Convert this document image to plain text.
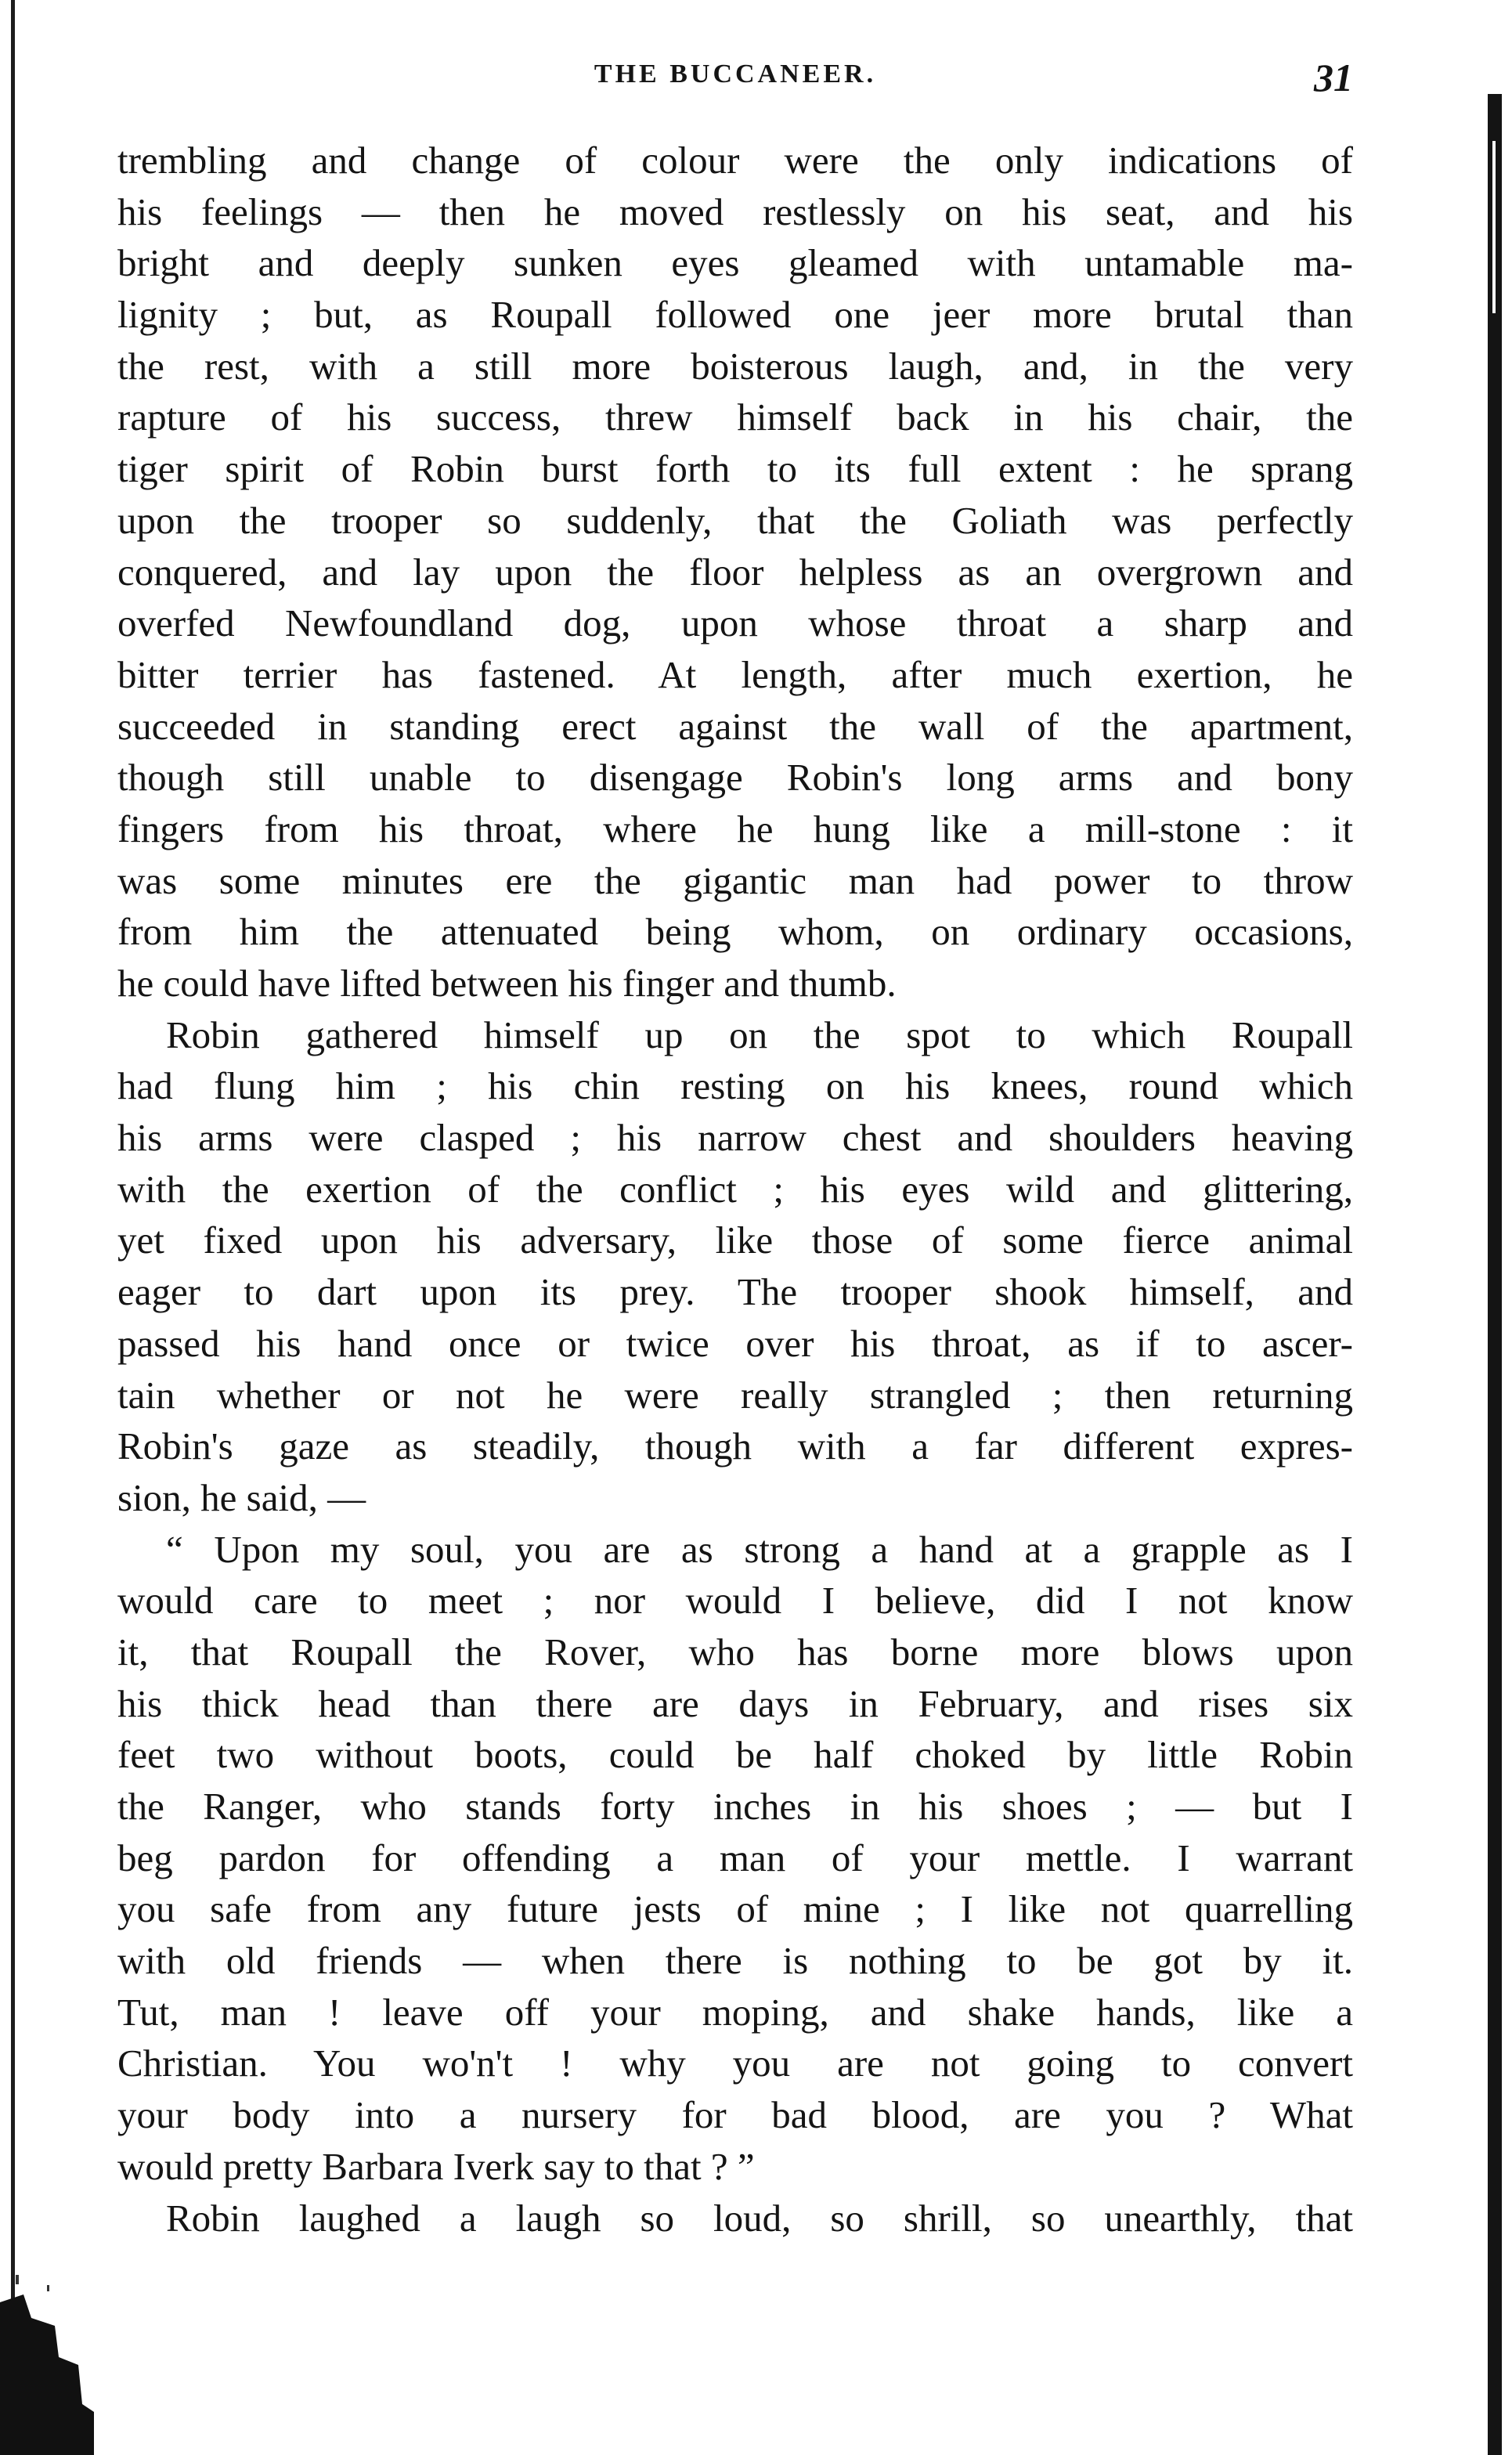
THE BUCCANEER.	31
trembling and change of colour were the only indications of
his feelings — then he moved restlessly on his seat, and his
bright and deeply sunken eyes gleamed with untamable ma-
lignity ; but, as Roupall followed one jeer more brutal than
the rest, with a still more boisterous laugh, and, in the very
rapture of his success, threw himself back in his chair, the
tiger spirit of Robin burst forth to its full extent : he sprang
upon the trooper so suddenly, that the Goliath was perfectly
conquered, and lay upon the floor helpless as an overgrown and
overfed Newfoundland dog, upon whose throat a sharp and
bitter terrier has fastened. At length, after much exertion, he
succeeded in standing erect against the wall of the apartment,
though still unable to disengage Robin's long arms and bony
fingers from his throat, where he hung like a mill-stone : it
was some minutes ere the gigantic man had power to throw
from him the attenuated being whom, on ordinary occasions,
he could have lifted between his finger and thumb.
Robin gathered himself up on the spot to which Roupall
had flung him ; his chin resting on his knees, round which
his arms were clasped ; his narrow chest and shoulders heaving
with the exertion of the conflict ; his eyes wild and glittering,
yet fixed upon his adversary, like those of some fierce animal
eager to dart upon its prey. The trooper shook himself, and
passed his hand once or twice over his throat, as if to ascer-
tain whether or not he were really strangled ; then returning
Robin's gaze as steadily, though with a far different expres-
sion, he said, —
“ Upon my soul, you are as strong a hand at a grapple as I
would care to meet ; nor would I believe, did I not know
it, that Roupall the Rover, who has borne more blows upon
his thick head than there are days in February, and rises six
feet two without boots, could be half choked by little Robin
the Ranger, who stands forty inches in his shoes ; — but I
beg pardon for offending a man of your mettle. I warrant
you safe from any future jests of mine ; I like not quarrelling
with old friends — when there is nothing to be got by it.
Tut, man ! leave off your moping, and shake hands, like a
Christian. You wo'n't ! why you are not going to convert
your body into a nursery for bad blood, are you ? What
would pretty Barbara Iverk say to that ? ”
Robin laughed a laugh so loud, so shrill, so unearthly, that
